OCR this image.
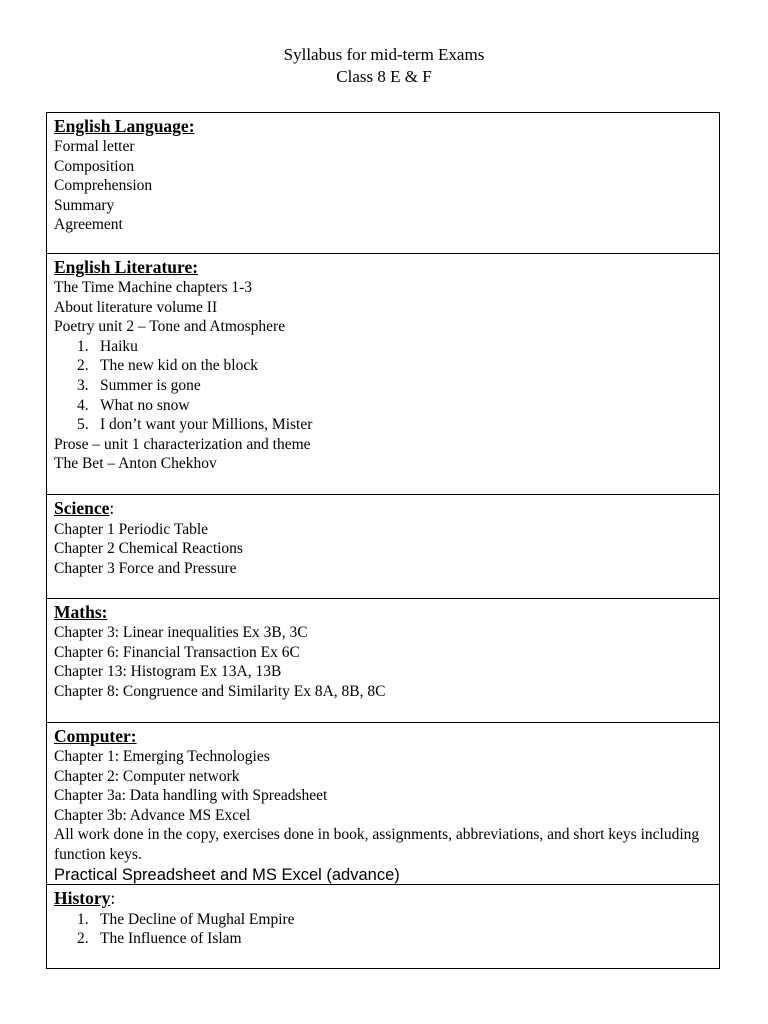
Syllabus for mid-term Exams
Class 8 E & F
English Language:
Formal letter
Composition
Comprehension
Summary
Agreement
English Literature:
The Time Machine chapters 1-3
About literature volume II
Poetry unit 2 – Tone and Atmosphere
1. Haiku
2. The new kid on the block
3. Summer is gone
4. What no snow
5. I don’t want your Millions, Mister
Prose – unit 1 characterization and theme
The Bet – Anton Chekhov
Science:
Chapter 1 Periodic Table
Chapter 2 Chemical Reactions
Chapter 3 Force and Pressure
Maths:
Chapter 3: Linear inequalities Ex 3B, 3C
Chapter 6: Financial Transaction Ex 6C
Chapter 13: Histogram Ex 13A, 13B
Chapter 8: Congruence and Similarity Ex 8A, 8B, 8C
Computer:
Chapter 1: Emerging Technologies
Chapter 2: Computer network
Chapter 3a: Data handling with Spreadsheet
Chapter 3b: Advance MS Excel
All work done in the copy, exercises done in book, assignments, abbreviations, and short keys including function keys.
Practical Spreadsheet and MS Excel (advance)
History:
1. The Decline of Mughal Empire
2. The Influence of Islam
